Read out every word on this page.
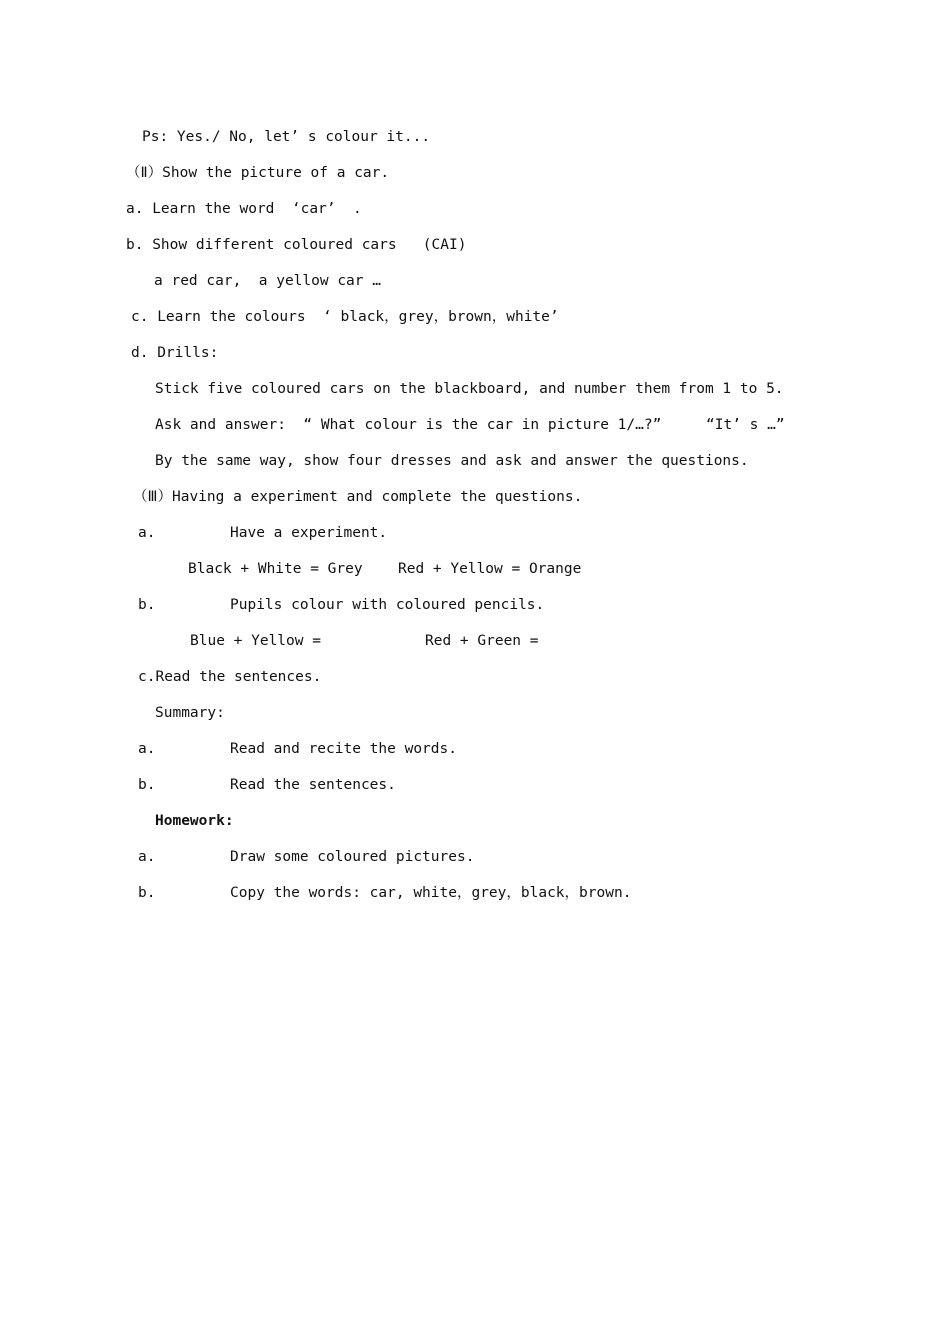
Ps: Yes./ No, let’ s colour it...
（Ⅱ）Show the picture of a car.
a. Learn the word  ‘car’  .
b. Show different coloured cars   (CAI)
a red car,  a yellow car …
c. Learn the colours  ‘ black，grey，brown，white’
d. Drills:
Stick five coloured cars on the blackboard, and number them from 1 to 5.
Ask and answer:  “ What colour is the car in picture 1/…?”	“It’ s …”
By the same way, show four dresses and ask and answer the questions.
（Ⅲ）Having a experiment and complete the questions.
a.	Have a experiment.
Black + White = Grey Red + Yellow = Orange
b.	Pupils colour with coloured pencils.
Blue + Yellow =	Red + Green =
c.Read the sentences.
Summary:
a.	Read and recite the words.
b.	Read the sentences.
Homework:
a.	Draw some coloured pictures.
b.	Copy the words: car, white，grey，black，brown.
